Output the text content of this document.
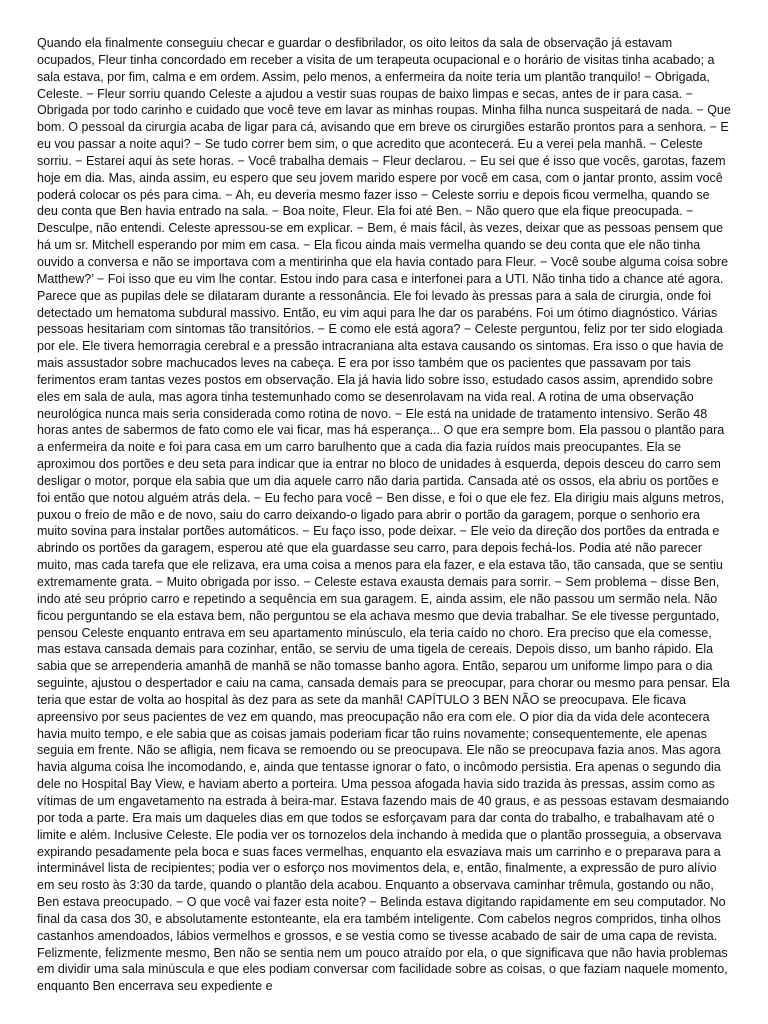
Quando ela finalmente conseguiu checar e guardar o desfibrilador, os oito leitos da sala de observação já estavam ocupados, Fleur tinha concordado em receber a visita de um terapeuta ocupacional e o horário de visitas tinha acabado; a sala estava, por fim, calma e em ordem. Assim, pelo menos, a enfermeira da noite teria um plantão tranquilo! − Obrigada, Celeste. − Fleur sorriu quando Celeste a ajudou a vestir suas roupas de baixo limpas e secas, antes de ir para casa. − Obrigada por todo carinho e cuidado que você teve em lavar as minhas roupas. Minha filha nunca suspeitará de nada. − Que bom. O pessoal da cirurgia acaba de ligar para cá, avisando que em breve os cirurgiões estarão prontos para a senhora. − E eu vou passar a noite aqui? − Se tudo correr bem sim, o que acredito que acontecerá. Eu a verei pela manhã. − Celeste sorriu. − Estarei aqui às sete horas. − Você trabalha demais − Fleur declarou. − Eu sei que é isso que vocês, garotas, fazem hoje em dia. Mas, ainda assim, eu espero que seu jovem marido espere por você em casa, com o jantar pronto, assim você poderá colocar os pés para cima. − Ah, eu deveria mesmo fazer isso − Celeste sorriu e depois ficou vermelha, quando se deu conta que Ben havia entrado na sala. − Boa noite, Fleur. Ela foi até Ben. − Não quero que ela fique preocupada. − Desculpe, não entendi. Celeste apressou-se em explicar. − Bem, é mais fácil, às vezes, deixar que as pessoas pensem que há um sr. Mitchell esperando por mim em casa. − Ela ficou ainda mais vermelha quando se deu conta que ele não tinha ouvido a conversa e não se importava com a mentirinha que ela havia contado para Fleur. − Você soube alguma coisa sobre Matthew?’ − Foi isso que eu vim lhe contar. Estou indo para casa e interfonei para a UTI. Não tinha tido a chance até agora. Parece que as pupilas dele se dilataram durante a ressonância. Ele foi levado às pressas para a sala de cirurgia, onde foi detectado um hematoma subdural massivo. Então, eu vim aqui para lhe dar os parabéns. Foi um ótimo diagnóstico. Várias pessoas hesitariam com sintomas tão transitórios. − E como ele está agora? − Celeste perguntou, feliz por ter sido elogiada por ele. Ele tivera hemorragia cerebral e a pressão intracraniana alta estava causando os sintomas. Era isso o que havia de mais assustador sobre machucados leves na cabeça. E era por isso também que os pacientes que passavam por tais ferimentos eram tantas vezes postos em observação. Ela já havia lido sobre isso, estudado casos assim, aprendido sobre eles em sala de aula, mas agora tinha testemunhado como se desenrolavam na vida real. A rotina de uma observação neurológica nunca mais seria considerada como rotina de novo. − Ele está na unidade de tratamento intensivo. Serão 48 horas antes de sabermos de fato como ele vai ficar, mas há esperança... O que era sempre bom. Ela passou o plantão para a enfermeira da noite e foi para casa em um carro barulhento que a cada dia fazia ruídos mais preocupantes. Ela se aproximou dos portões e deu seta para indicar que ia entrar no bloco de unidades à esquerda, depois desceu do carro sem desligar o motor, porque ela sabia que um dia aquele carro não daria partida. Cansada até os ossos, ela abriu os portões e foi então que notou alguém atrás dela. − Eu fecho para você − Ben disse, e foi o que ele fez. Ela dirigiu mais alguns metros, puxou o freio de mão e de novo, saiu do carro deixando-o ligado para abrir o portão da garagem, porque o senhorio era muito sovina para instalar portões automáticos. − Eu faço isso, pode deixar. − Ele veio da direção dos portões da entrada e abrindo os portões da garagem, esperou até que ela guardasse seu carro, para depois fechá-los. Podia até não parecer muito, mas cada tarefa que ele relizava, era uma coisa a menos para ela fazer, e ela estava tão, tão cansada, que se sentiu extremamente grata. − Muito obrigada por isso. − Celeste estava exausta demais para sorrir. − Sem problema − disse Ben, indo até seu próprio carro e repetindo a sequência em sua garagem. E, ainda assim, ele não passou um sermão nela. Não ficou perguntando se ela estava bem, não perguntou se ela achava mesmo que devia trabalhar. Se ele tivesse perguntado, pensou Celeste enquanto entrava em seu apartamento minúsculo, ela teria caído no choro. Era preciso que ela comesse, mas estava cansada demais para cozinhar, então, se serviu de uma tigela de cereais. Depois disso, um banho rápido. Ela sabia que se arrependeria amanhã de manhã se não tomasse banho agora. Então, separou um uniforme limpo para o dia seguinte, ajustou o despertador e caiu na cama, cansada demais para se preocupar, para chorar ou mesmo para pensar. Ela teria que estar de volta ao hospital às dez para as sete da manhã! CAPÍTULO 3 BEN NÃO se preocupava. Ele ficava apreensivo por seus pacientes de vez em quando, mas preocupação não era com ele. O pior dia da vida dele acontecera havia muito tempo, e ele sabia que as coisas jamais poderiam ficar tão ruins novamente; consequentemente, ele apenas seguia em frente. Não se afligia, nem ficava se remoendo ou se preocupava. Ele não se preocupava fazia anos. Mas agora havia alguma coisa lhe incomodando, e, ainda que tentasse ignorar o fato, o incômodo persistia. Era apenas o segundo dia dele no Hospital Bay View, e haviam aberto a porteira. Uma pessoa afogada havia sido trazida às pressas, assim como as vítimas de um engavetamento na estrada à beira-mar. Estava fazendo mais de 40 graus, e as pessoas estavam desmaiando por toda a parte. Era mais um daqueles dias em que todos se esforçavam para dar conta do trabalho, e trabalhavam até o limite e além. Inclusive Celeste. Ele podia ver os tornozelos dela inchando à medida que o plantão prosseguia, a observava expirando pesadamente pela boca e suas faces vermelhas, enquanto ela esvaziava mais um carrinho e o preparava para a interminável lista de recipientes; podia ver o esforço nos movimentos dela, e, então, finalmente, a expressão de puro alívio em seu rosto às 3:30 da tarde, quando o plantão dela acabou. Enquanto a observava caminhar trêmula, gostando ou não, Ben estava preocupado. − O que você vai fazer esta noite? − Belinda estava digitando rapidamente em seu computador. No final da casa dos 30, e absolutamente estonteante, ela era também inteligente. Com cabelos negros compridos, tinha olhos castanhos amendoados, lábios vermelhos e grossos, e se vestia como se tivesse acabado de sair de uma capa de revista. Felizmente, felizmente mesmo, Ben não se sentia nem um pouco atraído por ela, o que significava que não havia problemas em dividir uma sala minúscula e que eles podiam conversar com facilidade sobre as coisas, o que faziam naquele momento, enquanto Ben encerrava seu expediente e
